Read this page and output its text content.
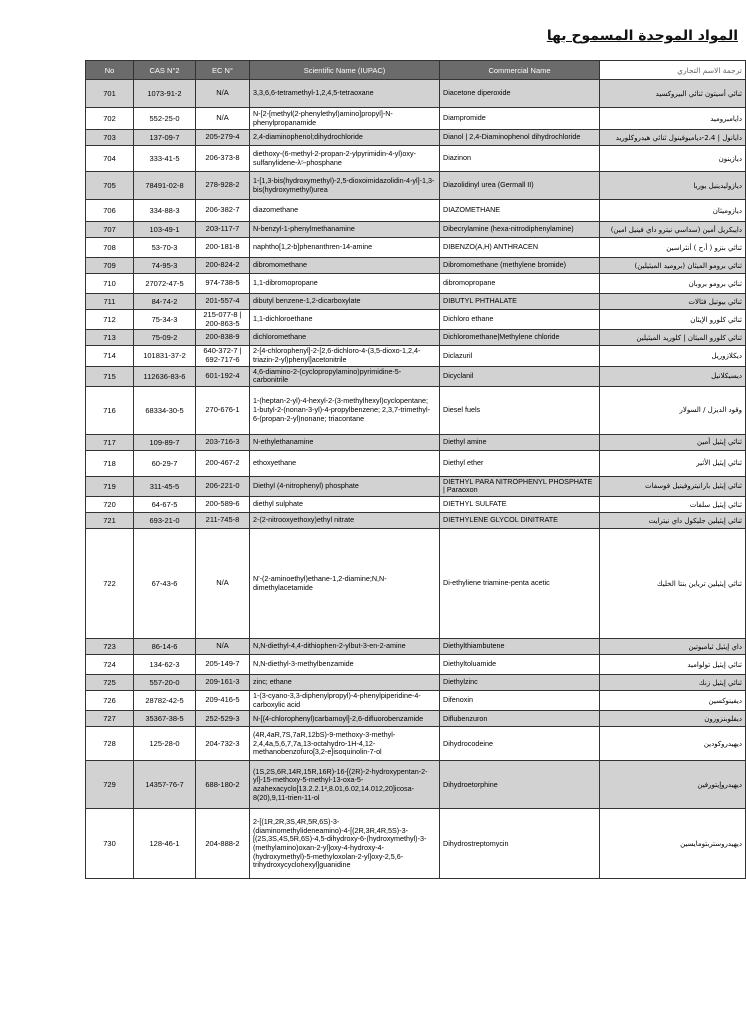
المواد الموحدة المسموح بها
No	CAS N°2	EC N°	Scientific Name (IUPAC)	Commercial Name	ترجمة الاسم التجاري
701	1073-91-2	N/A	3,3,6,6-tetramethyl-1,2,4,5-tetraoxane	Diacetone diperoxide	ثنائي أسيتون ثنائي البيروكسيد
702	552-25-0	N/A	N-[2-[methyl(2-phenylethyl)amino]propyl]-N-phenylpropanamide	Diampromide	دايامبروميد
703	137-09-7	205-279-4	2,4-diaminophenol;dihydrochloride	Dianol | 2,4-Diaminophenol dihydrochloride	دايانول | 2،4-دياميوفينول ثنائي هيدروكلوريد
704	333-41-5	206-373-8	diethoxy-(6-methyl-2-propan-2-ylpyrimidin-4-yl)oxy-sulfanylidene-λ⁵-phosphane	Diazinon	ديازينون
705	78491-02-8	278-928-2	1-[1,3-bis(hydroxymethyl)-2,5-dioxoimidazolidin-4-yl]-1,3-bis(hydroxymethyl)urea	Diazolidinyl urea (Germall II)	ديازوليدينيل يوريا
706	334-88-3	206-382-7	diazomethane	DIAZOMETHANE	ديازوميثان
707	103-49-1	203-117-7	N-benzyl-1-phenylmethanamine	Dibecrylamine (hexa-nitrodiphenylamine)	دايبكريل أمين (سداسي نيترو داي فينيل امين)
708	53-70-3	200-181-8	naphtho[1,2-b]phenanthren-14-amine	DIBENZO(A,H) ANTHRACEN	ثنائي بنزو ( أ،ح ) أنثراسين
709	74-95-3	200-824-2	dibromomethane	Dibromomethane (methylene bromide)	ثنائي برومو الميثان (بروميد الميثيلين)
710	27072-47-5	974-738-5	1,1-dibromopropane	dibromopropane	ثنائي برومو بروبان
711	84-74-2	201-557-4	dibutyl benzene-1,2-dicarboxylate	DIBUTYL PHTHALATE	ثنائي بيوتيل فثالات
712	75-34-3	215-077-8 | 200-863-5	1,1-dichloroethane	Dichloro ethane	ثنائي كلورو الإيثان
713	75-09-2	200-838-9	dichloromethane	Dichloromethane|Methylene chloride	ثنائي كلورو الميثان | كلوريد الميثيلين
714	101831-37-2	640-372-7 | 692-717-6	2-[4-chlorophenyl]-2-[2,6-dichloro-4-(3,5-dioxo-1,2,4-triazin-2-yl)phenyl]acetonitrile	Diclazuril	ديكلازوريل
715	112636-83-6	601-192-4	4,6-diamino-2-(cyclopropylamino)pyrimidine-5-carbonitrile	Dicyclanil	ديسيكلانيل
716	68334-30-5	270-676-1	1-(heptan-2-yl)-4-hexyl-2-(3-methylhexyl)cyclopentane; 1-butyl-2-(nonan-3-yl)-4-propylbenzene; 2,3,7-trimethyl-6-(propan-2-yl)nonane; triacontane	Diesel fuels	وقود الديزل / السولار
717	109-89-7	203-716-3	N-ethylethanamine	Diethyl amine	ثنائي إيثيل أمين
718	60-29-7	200-467-2	ethoxyethane	Diethyl ether	ثنائي إيثيل الأثير
719	311-45-5	206-221-0	Diethyl (4-nitrophenyl) phosphate	DIETHYL PARA NITROPHENYL PHOSPHATE | Paraoxon	ثنائي إيثيل بارانيتروفينيل فوسفات
720	64-67-5	200-589-6	diethyl sulphate	DIETHYL SULFATE	ثنائي إيثيل سلفات
721	693-21-0	211-745-8	2-(2-nitrooxyethoxy)ethyl nitrate	DIETHYLENE GLYCOL DINITRATE	ثنائي إيثيلين جليكول داي نيترايت
722	67-43-6	N/A	N'-(2-aminoethyl)ethane-1,2-diamine;N,N-dimethylacetamide	Di-ethyliene triamine-penta acetic	ثنائي إيثيلين ترياين بنتا الخليك
723	86-14-6	N/A	N,N-diethyl-4,4-dithiophen-2-ylbut-3-en-2-amine	Diethylthiambutene	داي إيثيل ثيامبوتين
724	134-62-3	205-149-7	N,N-diethyl-3-methylbenzamide	Diethyltoluamide	ثنائي إيثيل تولواميد
725	557-20-0	209-161-3	zinc; ethane	Diethylzinc	ثنائي إيثيل زنك
726	28782-42-5	209-416-5	1-(3-cyano-3,3-diphenylpropyl)-4-phenylpiperidine-4-carboxylic acid	Difenoxin	ديفينوكسين
727	35367-38-5	252-529-3	N-[(4-chlorophenyl)carbamoyl]-2,6-difluorobenzamide	Diflubenzuron	ديفلوبنزورون
728	125-28-0	204-732-3	(4R,4aR,7S,7aR,12bS)-9-methoxy-3-methyl-2,4,4a,5,6,7,7a,13-octahydro-1H-4,12-methanobenzofuro[3,2-e]isoquinolin-7-ol	Dihydrocodeine	ديهيدروكودين
729	14357-76-7	688-180-2	(1S,2S,6R,14R,15R,16R)-16-[(2R)-2-hydroxypentan-2-yl]-15-methoxy-5-methyl-13-oxa-5-azahexacyclo[13.2.2.1²,8.01,6.02,14.012,20]icosa-8(20),9,11-trien-11-ol	Dihydroetorphine	ديهيدروإيتورفين
730	128-46-1	204-888-2	2-[(1R,2R,3S,4R,5R,6S)-3-(diaminomethylideneamino)-4-[(2R,3R,4R,5S)-3-[(2S,3S,4S,5R,6S)-4,5-dihydroxy-6-(hydroxymethyl)-3-(methylamino)oxan-2-yl]oxy-4-hydroxy-4-(hydroxymethyl)-5-methyloxolan-2-yl]oxy-2,5,6-trihydroxycyclohexyl]guanidine	Dihydrostreptomycin	ديهيدروستربتومايسين
